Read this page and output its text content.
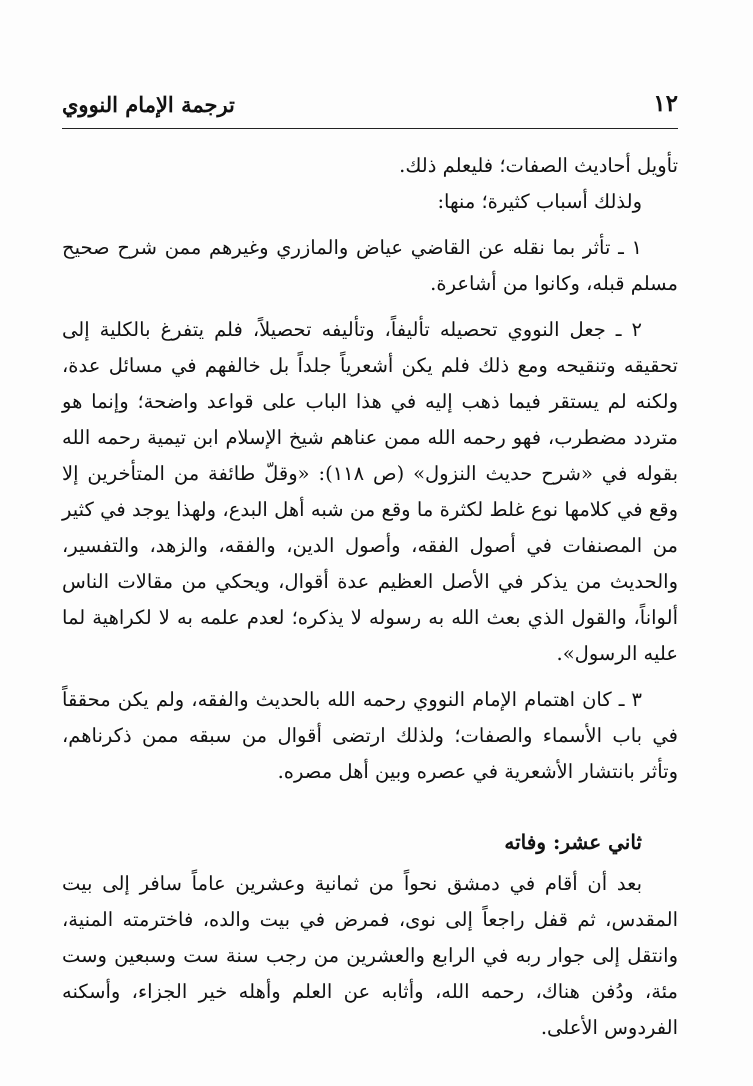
ترجمة الإمام النووي	١٢

تأويل أحاديث الصفات؛ فليعلم ذلك.

ولذلك أسباب كثيرة؛ منها:

١ ـ تأثر بما نقله عن القاضي عياض والمازري وغيرهم ممن شرح صحيح مسلم قبله، وكانوا من أشاعرة.

٢ ـ جعل النووي تحصيله تأليفاً، وتأليفه تحصيلاً، فلم يتفرغ بالكلية إلى تحقيقه وتنقيحه ومع ذلك فلم يكن أشعرياً جلداً بل خالفهم في مسائل عدة، ولكنه لم يستقر فيما ذهب إليه في هذا الباب على قواعد واضحة؛ وإنما هو متردد مضطرب، فهو رحمه الله ممن عناهم شيخ الإسلام ابن تيمية رحمه الله بقوله في «شرح حديث النزول» (ص ١١٨): «وقلّ طائفة من المتأخرين إلا وقع في كلامها نوع غلط لكثرة ما وقع من شبه أهل البدع، ولهذا يوجد في كثير من المصنفات في أصول الفقه، وأصول الدين، والفقه، والزهد، والتفسير، والحديث من يذكر في الأصل العظيم عدة أقوال، ويحكي من مقالات الناس ألواناً، والقول الذي بعث الله به رسوله لا يذكره؛ لعدم علمه به لا لكراهية لما عليه الرسول».

٣ ـ كان اهتمام الإمام النووي رحمه الله بالحديث والفقه، ولم يكن محققاً في باب الأسماء والصفات؛ ولذلك ارتضى أقوال من سبقه ممن ذكرناهم، وتأثر بانتشار الأشعرية في عصره وبين أهل مصره.

ثاني عشر: وفاته

بعد أن أقام في دمشق نحواً من ثمانية وعشرين عاماً سافر إلى بيت المقدس، ثم قفل راجعاً إلى نوى، فمرض في بيت والده، فاخترمته المنية، وانتقل إلى جوار ربه في الرابع والعشرين من رجب سنة ست وسبعين وست مئة، ودُفن هناك، رحمه الله، وأثابه عن العلم وأهله خير الجزاء، وأسكنه الفردوس الأعلى.
